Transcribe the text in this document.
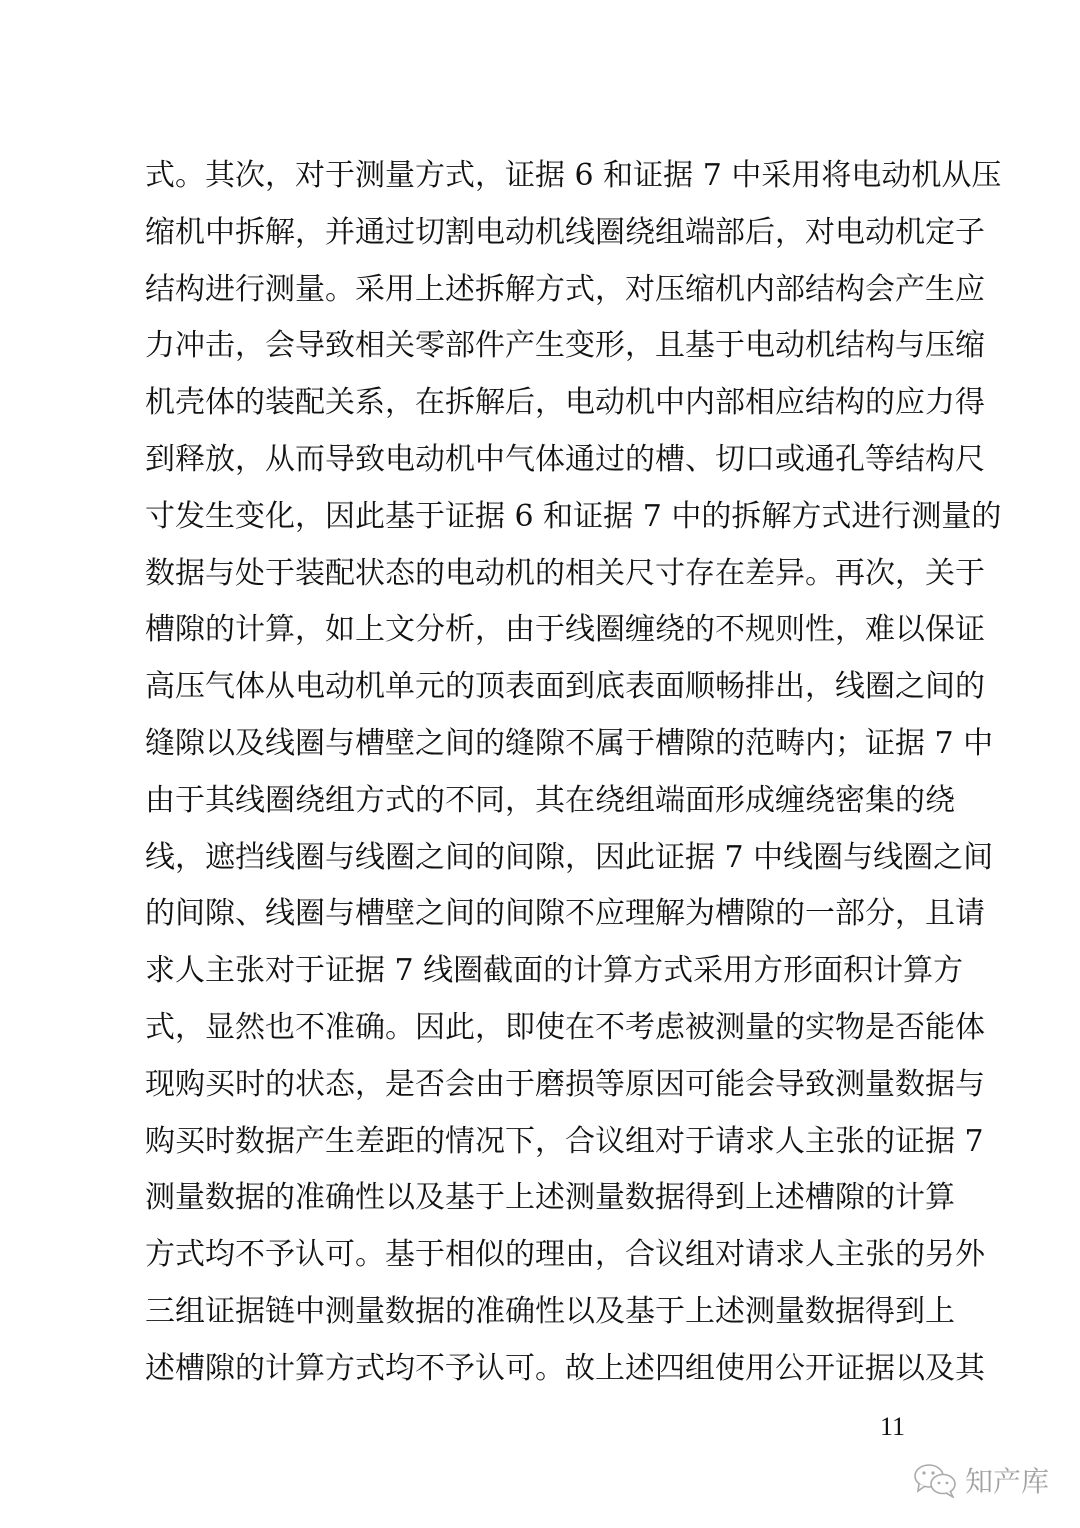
式。其次，对于测量方式，证据 6 和证据 7 中采用将电动机从压
缩机中拆解，并通过切割电动机线圈绕组端部后，对电动机定子
结构进行测量。采用上述拆解方式，对压缩机内部结构会产生应
力冲击，会导致相关零部件产生变形，且基于电动机结构与压缩
机壳体的装配关系，在拆解后，电动机中内部相应结构的应力得
到释放，从而导致电动机中气体通过的槽、切口或通孔等结构尺
寸发生变化，因此基于证据 6 和证据 7 中的拆解方式进行测量的
数据与处于装配状态的电动机的相关尺寸存在差异。再次，关于
槽隙的计算，如上文分析，由于线圈缠绕的不规则性，难以保证
高压气体从电动机单元的顶表面到底表面顺畅排出，线圈之间的
缝隙以及线圈与槽壁之间的缝隙不属于槽隙的范畴内；证据 7 中
由于其线圈绕组方式的不同，其在绕组端面形成缠绕密集的绕
线，遮挡线圈与线圈之间的间隙，因此证据 7 中线圈与线圈之间
的间隙、线圈与槽壁之间的间隙不应理解为槽隙的一部分，且请
求人主张对于证据 7 线圈截面的计算方式采用方形面积计算方
式，显然也不准确。因此，即使在不考虑被测量的实物是否能体
现购买时的状态，是否会由于磨损等原因可能会导致测量数据与
购买时数据产生差距的情况下，合议组对于请求人主张的证据 7
测量数据的准确性以及基于上述测量数据得到上述槽隙的计算
方式均不予认可。基于相似的理由，合议组对请求人主张的另外
三组证据链中测量数据的准确性以及基于上述测量数据得到上
述槽隙的计算方式均不予认可。故上述四组使用公开证据以及其
11
知产库
